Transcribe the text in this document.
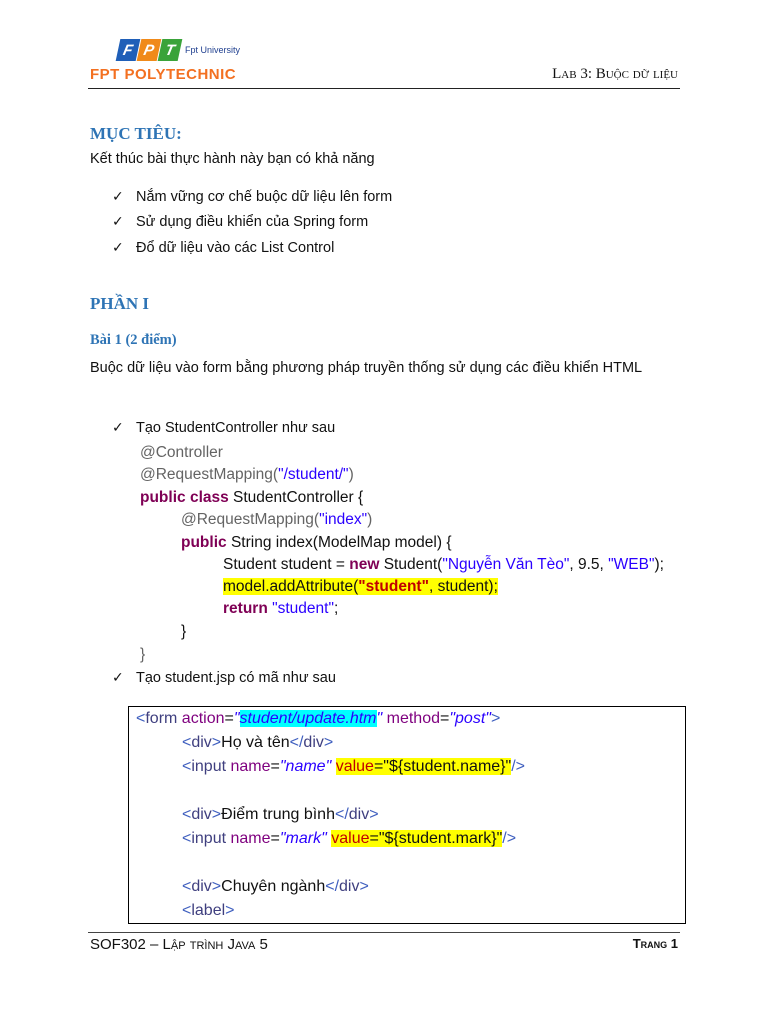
F P T Fpt University
FPT POLYTECHNIC	Lab 3: Buộc dữ liệu
MỤC TIÊU:
Kết thúc bài thực hành này bạn có khả năng
✓ Nắm vững cơ chế buộc dữ liệu lên form
✓ Sử dụng điều khiển của Spring form
✓ Đổ dữ liệu vào các List Control
PHẦN I
Bài 1 (2 điểm)
Buộc dữ liệu vào form bằng phương pháp truyền thống sử dụng các điều khiển HTML
✓ Tạo StudentController như sau
@Controller
@RequestMapping("/student/")
public class StudentController {
@RequestMapping("index")
public String index(ModelMap model) {
Student student = new Student("Nguyễn Văn Tèo", 9.5, "WEB");
model.addAttribute("student", student);
return "student";
}
}
✓ Tạo student.jsp có mã như sau
<form action="student/update.htm" method="post">
<div>Họ và tên</div>
<input name="name" value="${student.name}"/>
<div>Điểm trung bình</div>
<input name="mark" value="${student.mark}"/>
<div>Chuyên ngành</div>
<label>
SOF302 – Lập trình Java 5	Trang 1
